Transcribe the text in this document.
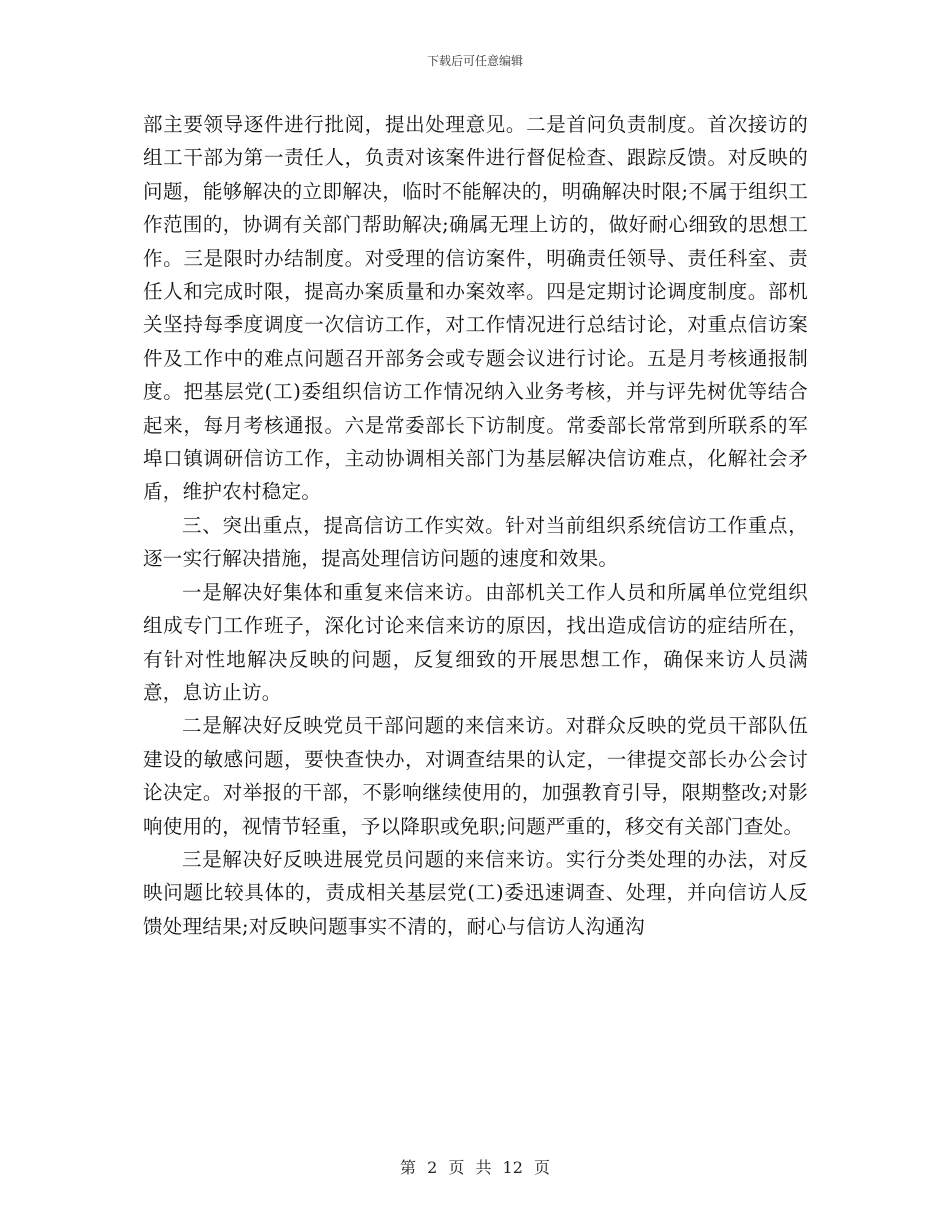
下载后可任意编辑

部主要领导逐件进行批阅，提出处理意见。二是首问负责制度。首次接访的组工干部为第一责任人，负责对该案件进行督促检查、跟踪反馈。对反映的问题，能够解决的立即解决，临时不能解决的，明确解决时限;不属于组织工作范围的，协调有关部门帮助解决;确属无理上访的，做好耐心细致的思想工作。三是限时办结制度。对受理的信访案件，明确责任领导、责任科室、责任人和完成时限，提高办案质量和办案效率。四是定期讨论调度制度。部机关坚持每季度调度一次信访工作，对工作情况进行总结讨论，对重点信访案件及工作中的难点问题召开部务会或专题会议进行讨论。五是月考核通报制度。把基层党(工)委组织信访工作情况纳入业务考核，并与评先树优等结合起来，每月考核通报。六是常委部长下访制度。常委部长常常到所联系的军埠口镇调研信访工作，主动协调相关部门为基层解决信访难点，化解社会矛盾，维护农村稳定。

三、突出重点，提高信访工作实效。针对当前组织系统信访工作重点，逐一实行解决措施，提高处理信访问题的速度和效果。

一是解决好集体和重复来信来访。由部机关工作人员和所属单位党组织组成专门工作班子，深化讨论来信来访的原因，找出造成信访的症结所在，有针对性地解决反映的问题，反复细致的开展思想工作，确保来访人员满意，息访止访。

二是解决好反映党员干部问题的来信来访。对群众反映的党员干部队伍建设的敏感问题，要快查快办，对调查结果的认定，一律提交部长办公会讨论决定。对举报的干部，不影响继续使用的，加强教育引导，限期整改;对影响使用的，视情节轻重，予以降职或免职;问题严重的，移交有关部门查处。

三是解决好反映进展党员问题的来信来访。实行分类处理的办法，对反映问题比较具体的，责成相关基层党(工)委迅速调查、处理，并向信访人反馈处理结果;对反映问题事实不清的，耐心与信访人沟通沟

第 2 页 共 12 页
